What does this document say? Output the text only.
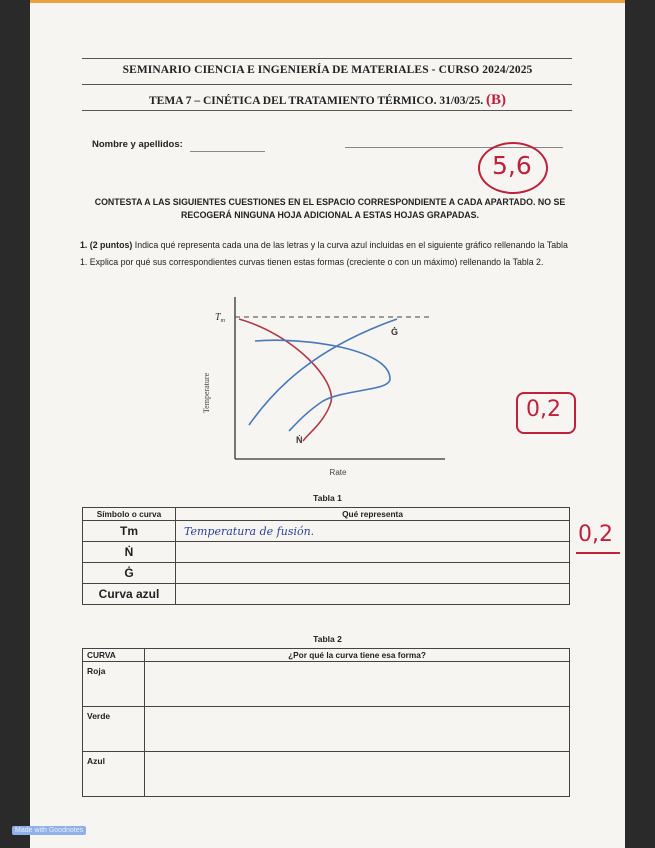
SEMINARIO CIENCIA E INGENIERÍA DE MATERIALES - CURSO 2024/2025
TEMA 7 – CINÉTICA DEL TRATAMIENTO TÉRMICO. 31/03/25. (B)
Nombre y apellidos:
5,6
CONTESTA A LAS SIGUIENTES CUESTIONES EN EL ESPACIO CORRESPONDIENTE A CADA APARTADO. NO SE RECOGERÁ NINGUNA HOJA ADICIONAL A ESTAS HOJAS GRAPADAS.
1. (2 puntos) Indica qué representa cada una de las letras y la curva azul incluidas en el siguiente gráfico rellenando la Tabla 1. Explica por qué sus correspondientes curvas tienen estas formas (creciente o con un máximo) rellenando la Tabla 2.
$T_m$
Ġ
Ṅ
Temperature
Rate
0,2
Tabla 1
Símbolo o curva	Qué representa
Tm	Temperatura de fusión.
Ṅ	
Ġ	
Curva azul	
0,2
Tabla 2
CURVA	¿Por qué la curva tiene esa forma?
Roja	
Verde	
Azul	
Made with Goodnotes
